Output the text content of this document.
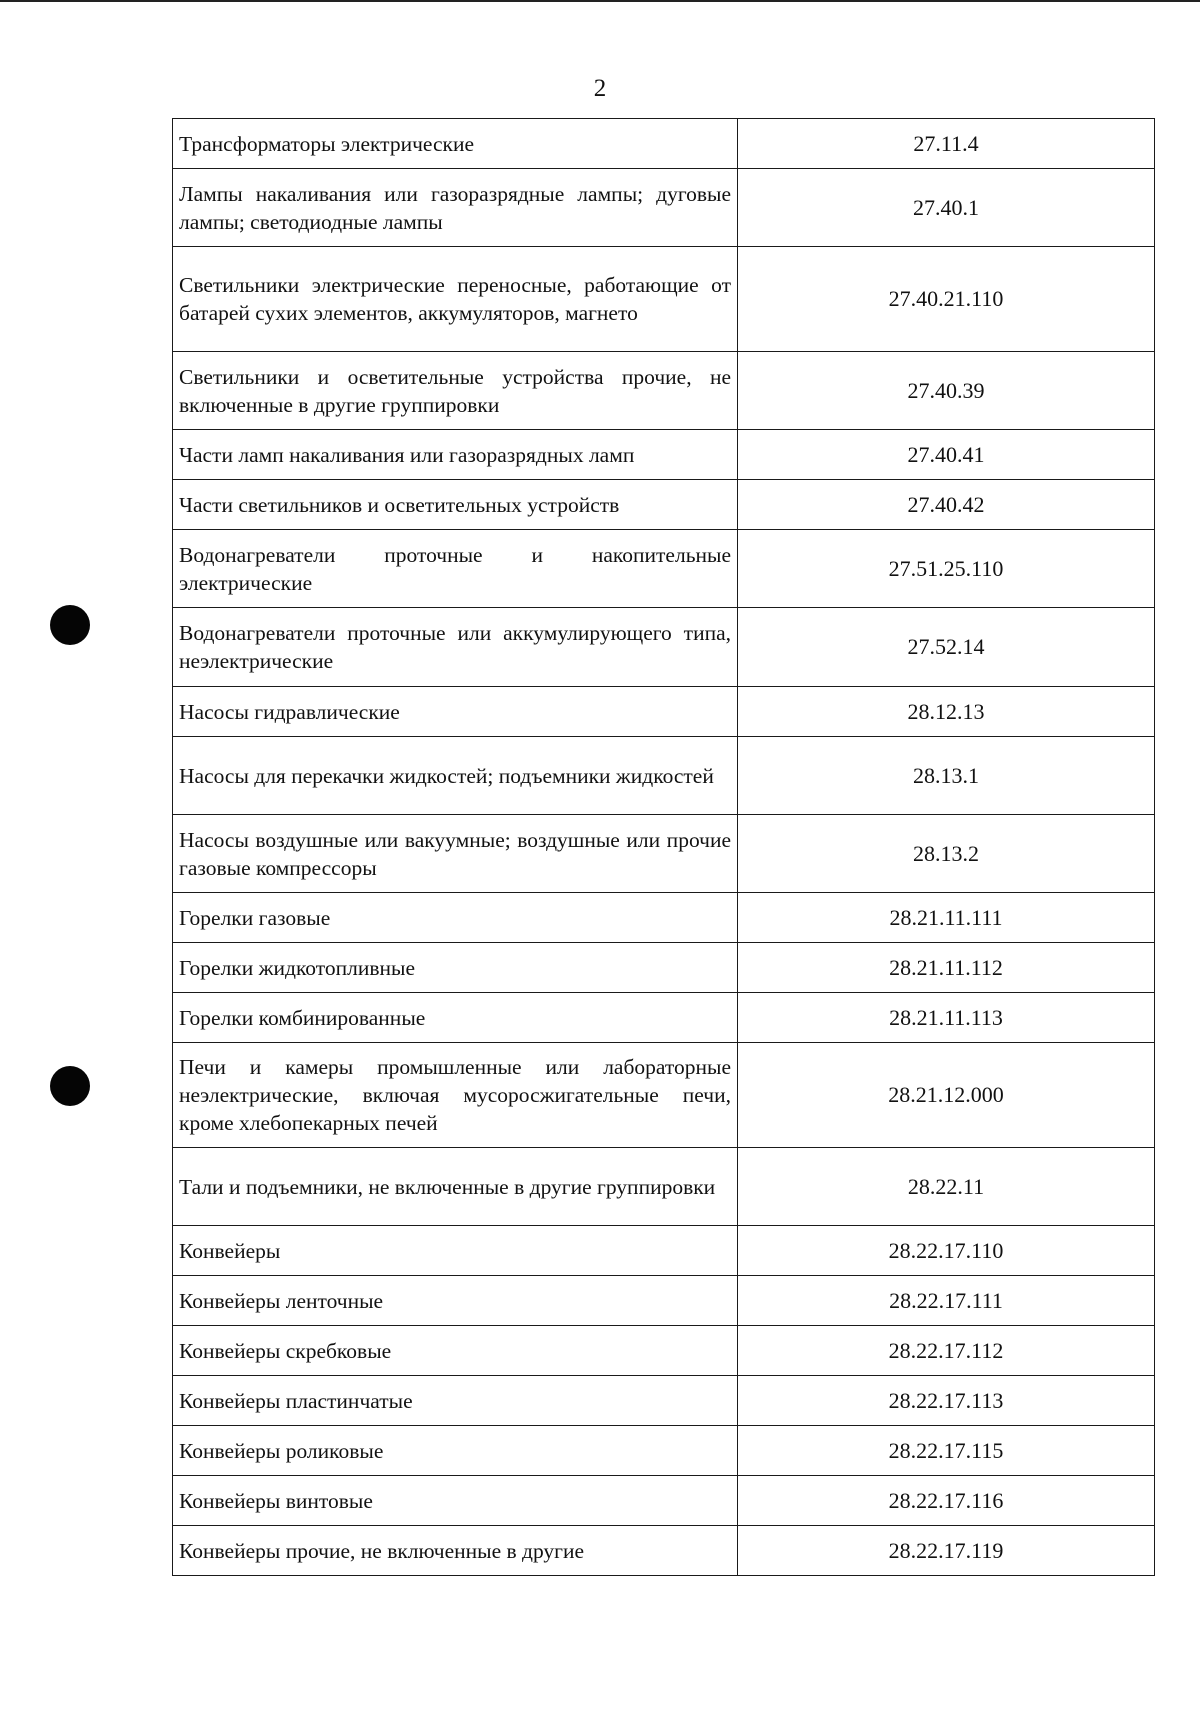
2
Трансформаторы электрические	27.11.4
Лампы накаливания или газоразрядные лампы; дуговые лампы; светодиодные лампы	27.40.1
Светильники электрические переносные, работающие от батарей сухих элементов, аккумуляторов, магнето	27.40.21.110
Светильники и осветительные устройства прочие, не включенные в другие группировки	27.40.39
Части ламп накаливания или газоразрядных ламп	27.40.41
Части светильников и осветительных устройств	27.40.42
Водонагреватели проточные и накопительные электрические	27.51.25.110
Водонагреватели проточные или аккумулирующего типа, неэлектрические	27.52.14
Насосы гидравлические	28.12.13
Насосы для перекачки жидкостей; подъемники жидкостей	28.13.1
Насосы воздушные или вакуумные; воздушные или прочие газовые компрессоры	28.13.2
Горелки газовые	28.21.11.111
Горелки жидкотопливные	28.21.11.112
Горелки комбинированные	28.21.11.113
Печи и камеры промышленные или лабораторные неэлектрические, включая мусоросжигательные печи, кроме хлебопекарных печей	28.21.12.000
Тали и подъемники, не включенные в другие группировки	28.22.11
Конвейеры	28.22.17.110
Конвейеры ленточные	28.22.17.111
Конвейеры скребковые	28.22.17.112
Конвейеры пластинчатые	28.22.17.113
Конвейеры роликовые	28.22.17.115
Конвейеры винтовые	28.22.17.116
Конвейеры прочие, не включенные в другие	28.22.17.119
